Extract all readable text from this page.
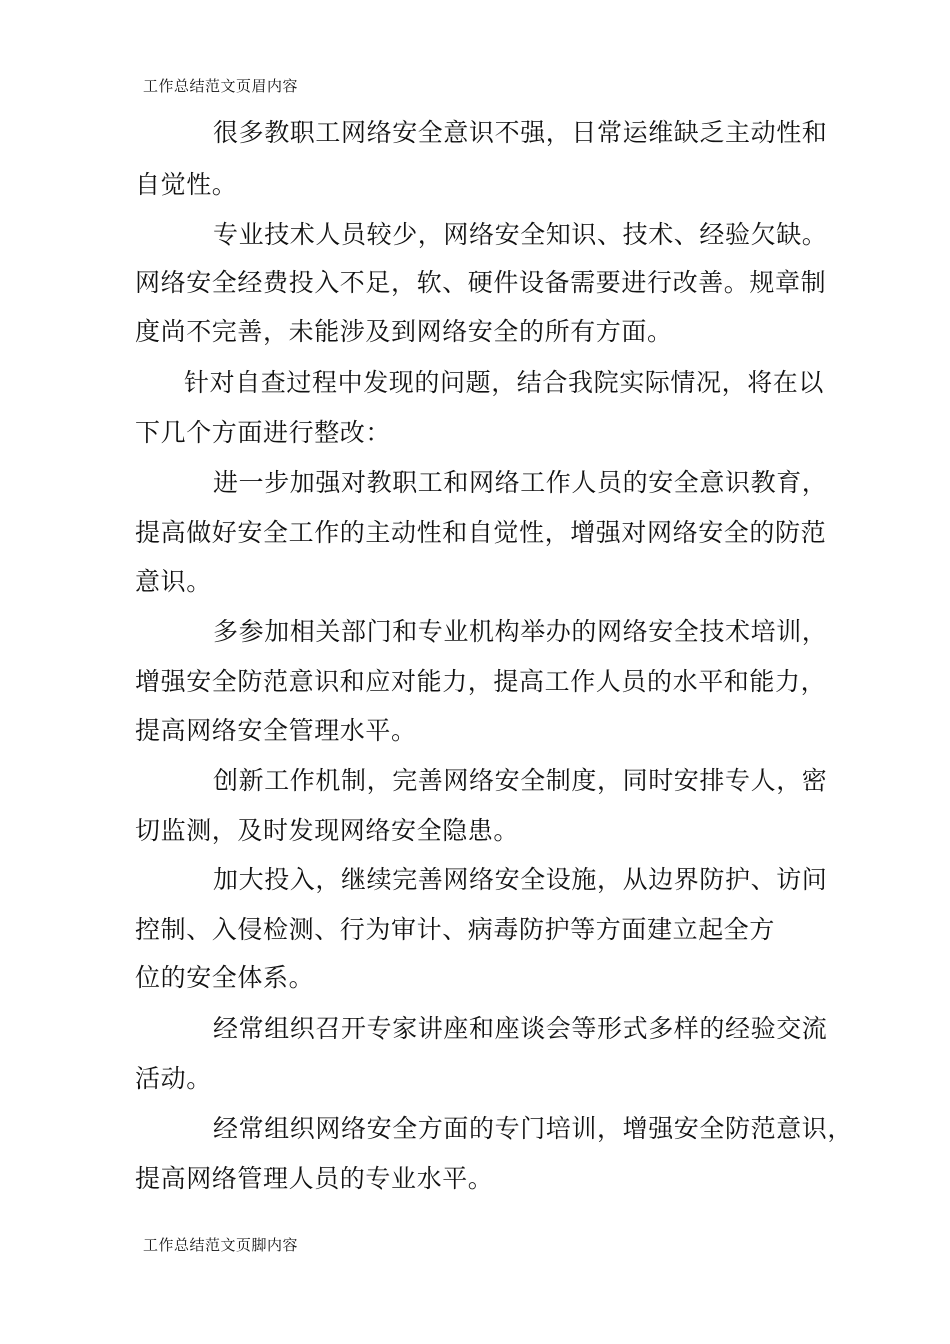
工作总结范文页眉内容
很多教职工网络安全意识不强，日常运维缺乏主动性和
自觉性。
专业技术人员较少，网络安全知识、技术、经验欠缺。
网络安全经费投入不足，软、硬件设备需要进行改善。规章制
度尚不完善，未能涉及到网络安全的所有方面。
针对自查过程中发现的问题，结合我院实际情况，将在以
下几个方面进行整改：
进一步加强对教职工和网络工作人员的安全意识教育，
提高做好安全工作的主动性和自觉性，增强对网络安全的防范
意识。
多参加相关部门和专业机构举办的网络安全技术培训，
增强安全防范意识和应对能力，提高工作人员的水平和能力，
提高网络安全管理水平。
创新工作机制，完善网络安全制度，同时安排专人，密
切监测，及时发现网络安全隐患。
加大投入，继续完善网络安全设施，从边界防护、访问
控制、入侵检测、行为审计、病毒防护等方面建立起全方
位的安全体系。
经常组织召开专家讲座和座谈会等形式多样的经验交流
活动。
经常组织网络安全方面的专门培训，增强安全防范意识，
提高网络管理人员的专业水平。
工作总结范文页脚内容
